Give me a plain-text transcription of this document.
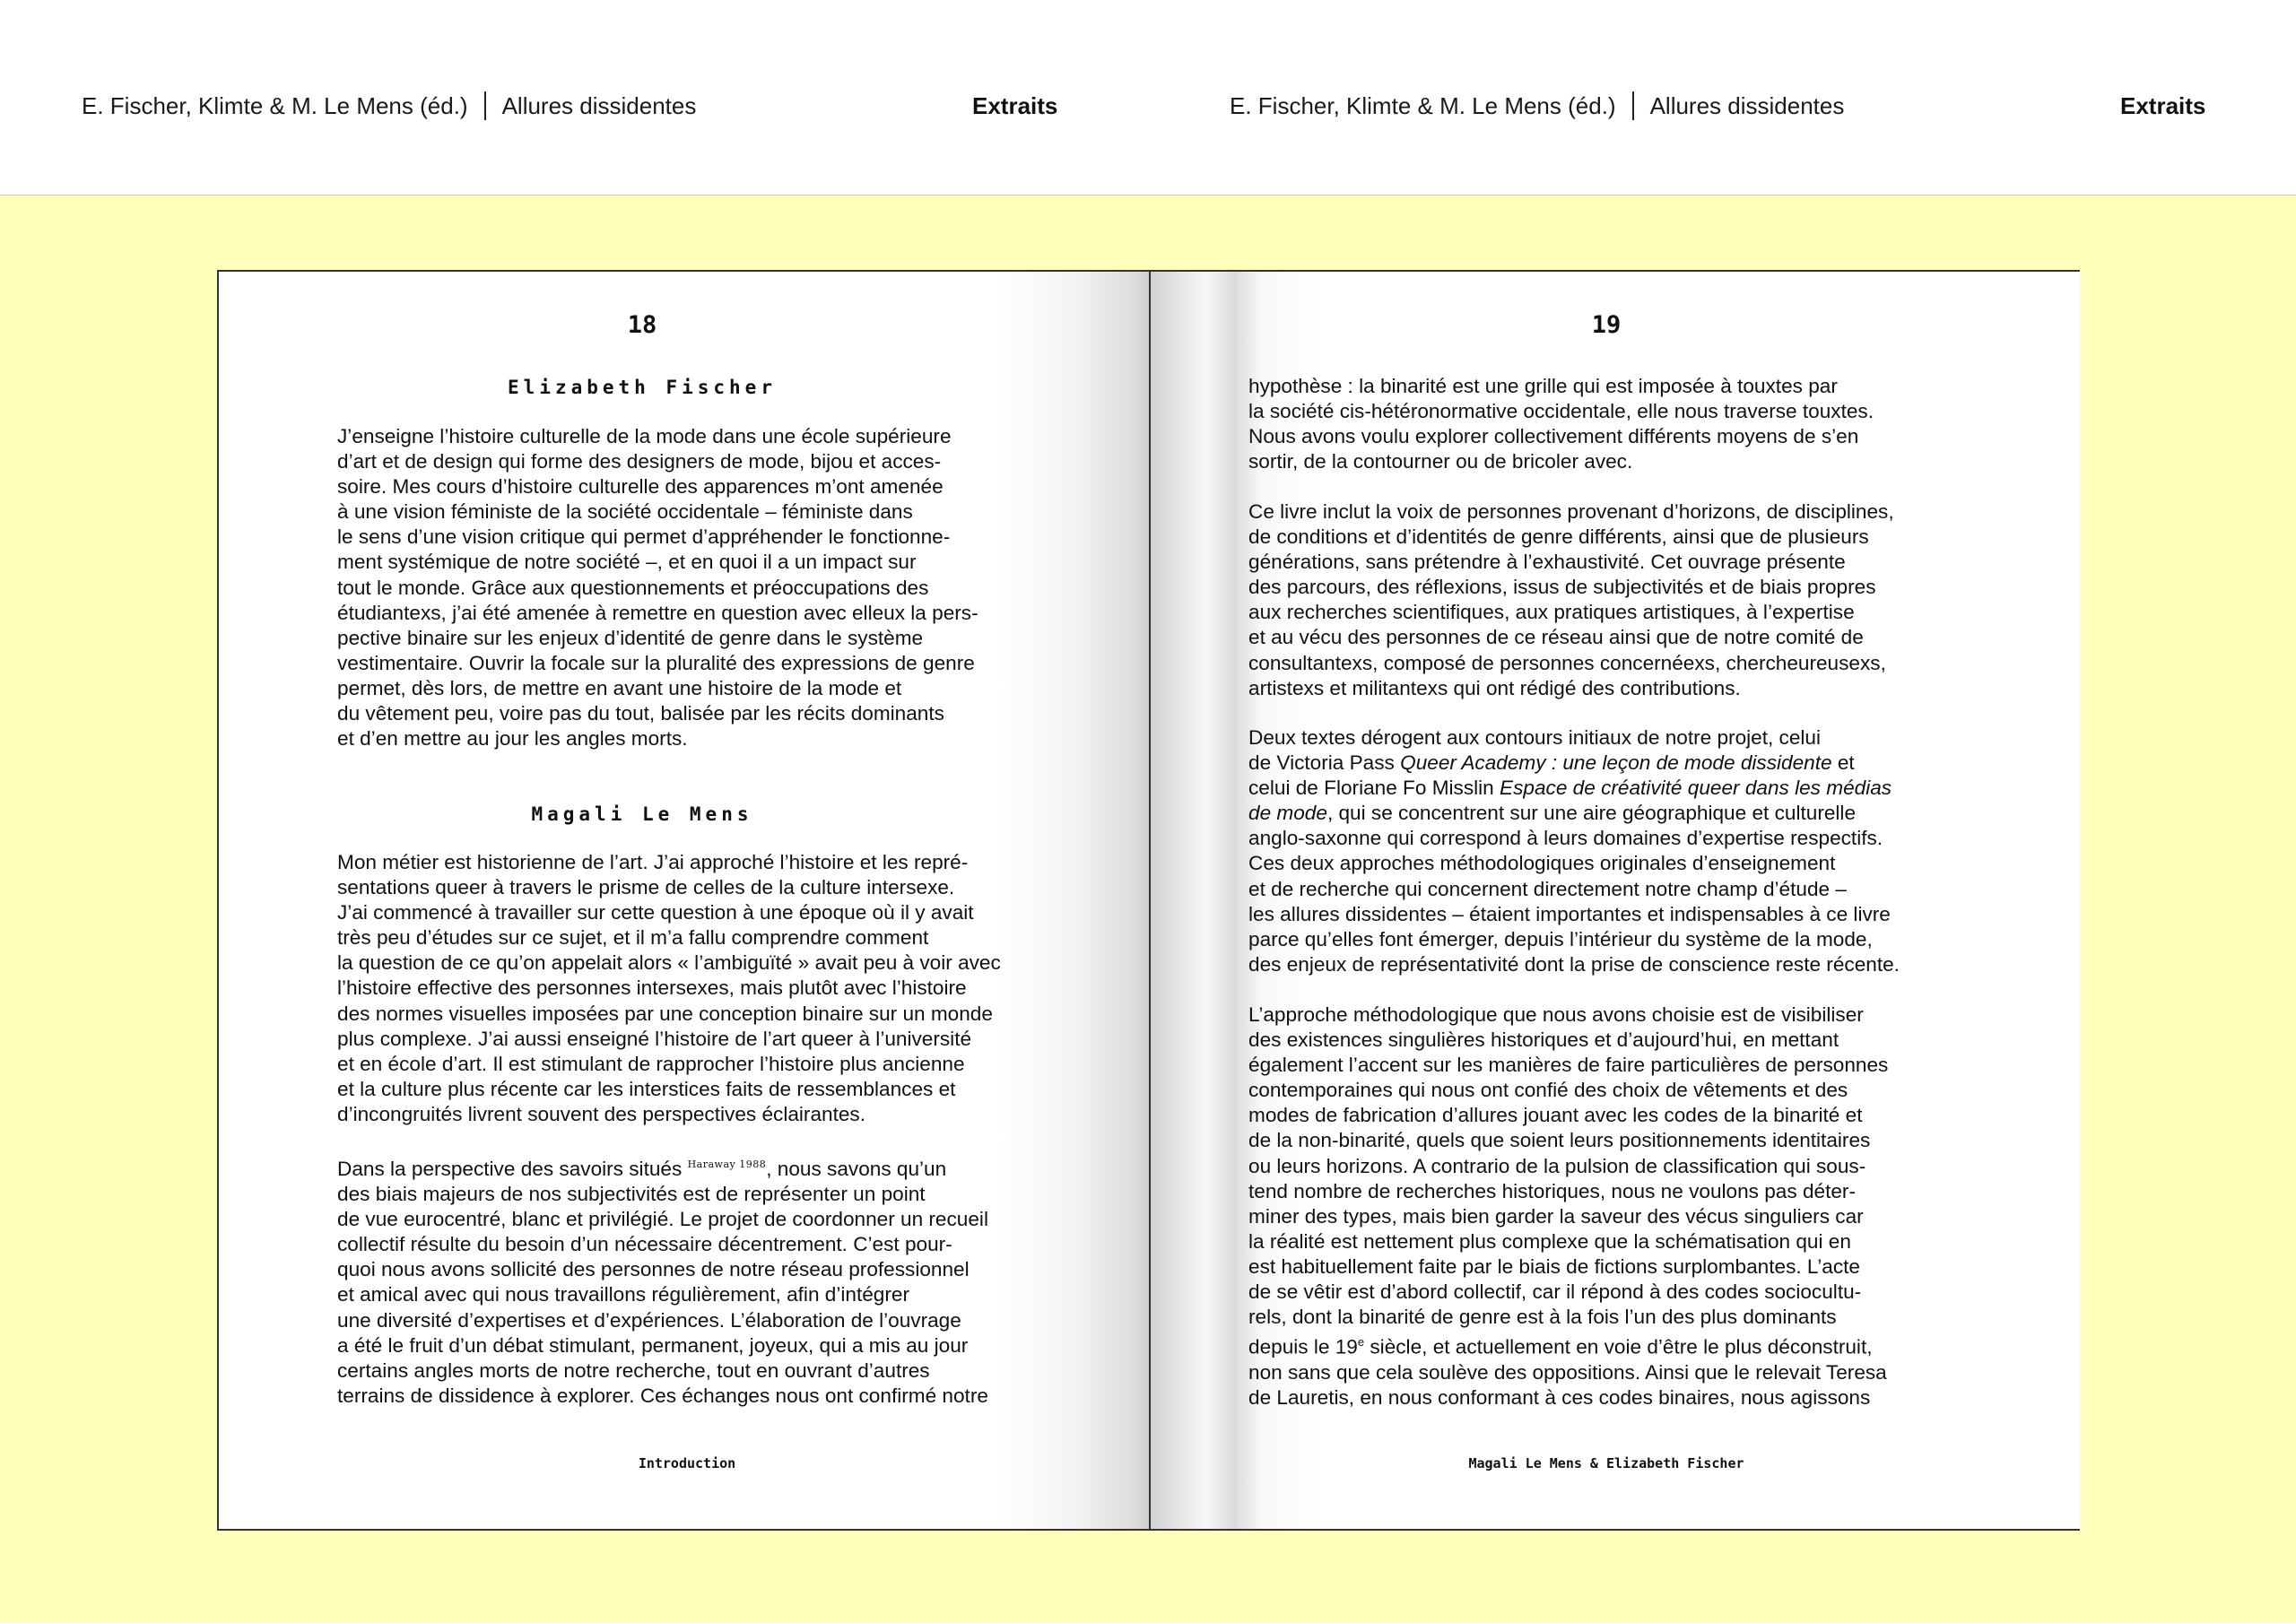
E. Fischer, Klimte & M. Le Mens (éd.) Allures dissidentes	Extraits	E. Fischer, Klimte & M. Le Mens (éd.) Allures dissidentes	Extraits
18
Elizabeth Fischer
J’enseigne l’histoire culturelle de la mode dans une école supérieure
d’art et de design qui forme des designers de mode, bijou et acces-
soire. Mes cours d’histoire culturelle des apparences m’ont amenée
à une vision féministe de la société occidentale – féministe dans
le sens d’une vision critique qui permet d’appréhender le fonctionne-
ment systémique de notre société –, et en quoi il a un impact sur
tout le monde. Grâce aux questionnements et préoccupations des
étudiantexs, j’ai été amenée à remettre en question avec elleux la pers-
pective binaire sur les enjeux d’identité de genre dans le système
vestimentaire. Ouvrir la focale sur la pluralité des expressions de genre
permet, dès lors, de mettre en avant une histoire de la mode et
du vêtement peu, voire pas du tout, balisée par les récits dominants
et d’en mettre au jour les angles morts.
Magali Le Mens
Mon métier est historienne de l’art. J’ai approché l’histoire et les repré-
sentations queer à travers le prisme de celles de la culture intersexe.
J’ai commencé à travailler sur cette question à une époque où il y avait
très peu d’études sur ce sujet, et il m’a fallu comprendre comment
la question de ce qu’on appelait alors « l’ambiguïté » avait peu à voir avec
l’histoire effective des personnes intersexes, mais plutôt avec l’histoire
des normes visuelles imposées par une conception binaire sur un monde
plus complexe. J’ai aussi enseigné l’histoire de l’art queer à l’université
et en école d’art. Il est stimulant de rapprocher l’histoire plus ancienne
et la culture plus récente car les interstices faits de ressemblances et
d’incongruités livrent souvent des perspectives éclairantes.
Dans la perspective des savoirs situés $^{Haraway 1988}$, nous savons qu’un
des biais majeurs de nos subjectivités est de représenter un point
de vue eurocentré, blanc et privilégié. Le projet de coordonner un recueil
collectif résulte du besoin d’un nécessaire décentrement. C’est pour-
quoi nous avons sollicité des personnes de notre réseau professionnel
et amical avec qui nous travaillons régulièrement, afin d’intégrer
une diversité d’expertises et d’expériences. L’élaboration de l’ouvrage
a été le fruit d’un débat stimulant, permanent, joyeux, qui a mis au jour
certains angles morts de notre recherche, tout en ouvrant d’autres
terrains de dissidence à explorer. Ces échanges nous ont confirmé notre
Introduction
19
hypothèse : la binarité est une grille qui est imposée à touxtes par
la société cis-hétéronormative occidentale, elle nous traverse touxtes.
Nous avons voulu explorer collectivement différents moyens de s’en
sortir, de la contourner ou de bricoler avec.
Ce livre inclut la voix de personnes provenant d’horizons, de disciplines,
de conditions et d’identités de genre différents, ainsi que de plusieurs
générations, sans prétendre à l’exhaustivité. Cet ouvrage présente
des parcours, des réflexions, issus de subjectivités et de biais propres
aux recherches scientifiques, aux pratiques artistiques, à l’expertise
et au vécu des personnes de ce réseau ainsi que de notre comité de
consultantexs, composé de personnes concernéexs, chercheureusexs,
artistexs et militantexs qui ont rédigé des contributions.
Deux textes dérogent aux contours initiaux de notre projet, celui
de Victoria Pass Queer Academy : une leçon de mode dissidente et
celui de Floriane Fo Misslin Espace de créativité queer dans les médias
de mode, qui se concentrent sur une aire géographique et culturelle
anglo-saxonne qui correspond à leurs domaines d’expertise respectifs.
Ces deux approches méthodologiques originales d’enseignement
et de recherche qui concernent directement notre champ d’étude –
les allures dissidentes – étaient importantes et indispensables à ce livre
parce qu’elles font émerger, depuis l’intérieur du système de la mode,
des enjeux de représentativité dont la prise de conscience reste récente.
L’approche méthodologique que nous avons choisie est de visibiliser
des existences singulières historiques et d’aujourd’hui, en mettant
également l’accent sur les manières de faire particulières de personnes
contemporaines qui nous ont confié des choix de vêtements et des
modes de fabrication d’allures jouant avec les codes de la binarité et
de la non-binarité, quels que soient leurs positionnements identitaires
ou leurs horizons. A contrario de la pulsion de classification qui sous-
tend nombre de recherches historiques, nous ne voulons pas déter-
miner des types, mais bien garder la saveur des vécus singuliers car
la réalité est nettement plus complexe que la schématisation qui en
est habituellement faite par le biais de fictions surplombantes. L’acte
de se vêtir est d’abord collectif, car il répond à des codes sociocultu-
rels, dont la binarité de genre est à la fois l’un des plus dominants
depuis le 19e siècle, et actuellement en voie d’être le plus déconstruit,
non sans que cela soulève des oppositions. Ainsi que le relevait Teresa
de Lauretis, en nous conformant à ces codes binaires, nous agissons
Magali Le Mens & Elizabeth Fischer
